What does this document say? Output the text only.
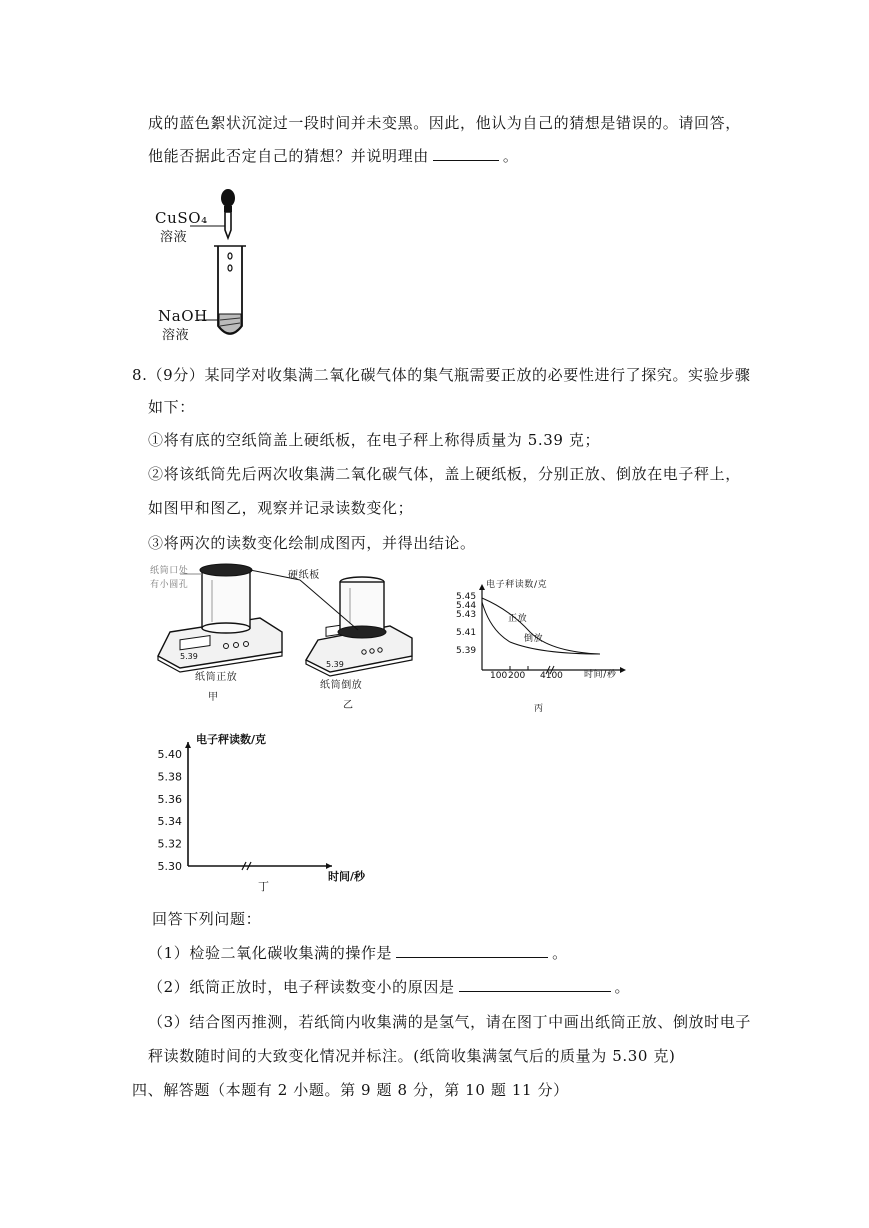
成的蓝色絮状沉淀过一段时间并未变黑。因此，他认为自己的猜想是错误的。请回答，
他能否据此否定自己的猜想？并说明理由	。
CuSO₄
溶液
NaOH
溶液
8.（9分）某同学对收集满二氧化碳气体的集气瓶需要正放的必要性进行了探究。实验步骤
如下：
①将有底的空纸筒盖上硬纸板，在电子秤上称得质量为 5.39 克；
②将该纸筒先后两次收集满二氧化碳气体，盖上硬纸板，分别正放、倒放在电子秤上，
如图甲和图乙，观察并记录读数变化；
③将两次的读数变化绘制成图丙，并得出结论。
纸筒口处
有小圆孔
硬纸板
5.39
5.39
纸筒正放
纸筒倒放
甲
乙
电子秤读数/克
5.45
5.44
5.43
5.41
5.39
正放
倒放
100 200 4100 时间/秒
丙
5.30
5.32
5.34
5.36
5.38
5.40
电子秤读数/克
时间/秒
丁
回答下列问题：
（1）检验二氧化碳收集满的操作是	。
（2）纸筒正放时，电子秤读数变小的原因是	。
（3）结合图丙推测，若纸筒内收集满的是氢气，请在图丁中画出纸筒正放、倒放时电子
秤读数随时间的大致变化情况并标注。(纸筒收集满氢气后的质量为 5.30 克)
四、解答题（本题有 2 小题。第 9 题 8 分，第 10 题 11 分）
